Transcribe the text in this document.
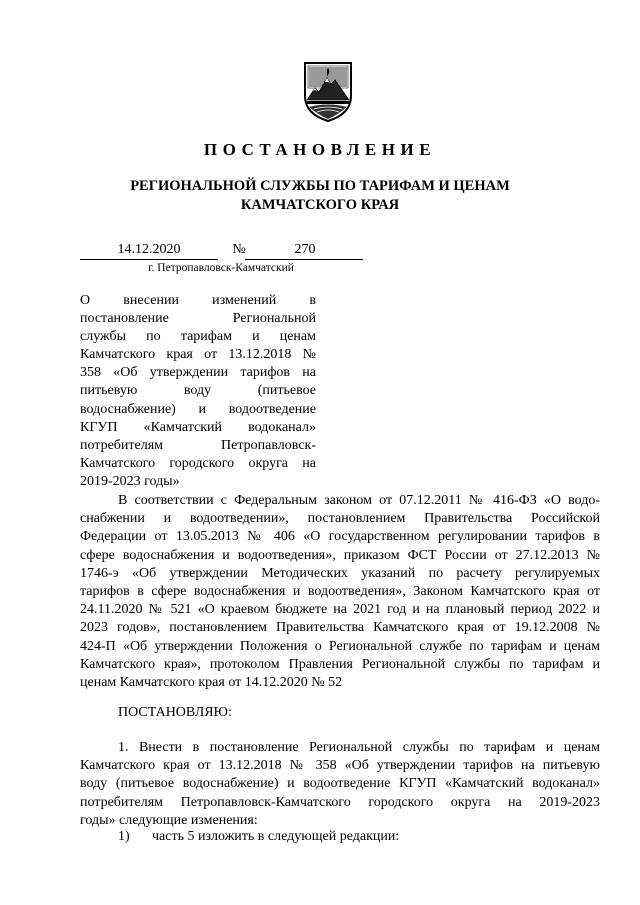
ПОСТАНОВЛЕНИЕ
РЕГИОНАЛЬНОЙ СЛУЖБЫ ПО ТАРИФАМ И ЦЕНАМ
КАМЧАТСКОГО КРАЯ
14.12.2020	№	270
г. Петропавловск-Камчатский
О внесении изменений в
постановление Региональной
службы по тарифам и ценам
Камчатского края от 13.12.2018 №
358 «Об утверждении тарифов на
питьевую воду (питьевое
водоснабжение) и водоотведение
КГУП «Камчатский водоканал»
потребителям Петропавловск-
Камчатского городского округа на
2019-2023 годы»
В соответствии с Федеральным законом от 07.12.2011 № 416-ФЗ «О водо-
снабжении и водоотведении», постановлением Правительства Российской
Федерации от 13.05.2013 № 406 «О государственном регулировании тарифов в
сфере водоснабжения и водоотведения», приказом ФСТ России от 27.12.2013 №
1746-э «Об утверждении Методических указаний по расчету регулируемых
тарифов в сфере водоснабжения и водоотведения», Законом Камчатского края от
24.11.2020 № 521 «О краевом бюджете на 2021 год и на плановый период 2022 и
2023 годов», постановлением Правительства Камчатского края от 19.12.2008 №
424-П «Об утверждении Положения о Региональной службе по тарифам и ценам
Камчатского края», протоколом Правления Региональной службы по тарифам и
ценам Камчатского края от 14.12.2020 № 52
ПОСТАНОВЛЯЮ:
1. Внести в постановление Региональной службы по тарифам и ценам
Камчатского края от 13.12.2018 № 358 «Об утверждении тарифов на питьевую
воду (питьевое водоснабжение) и водоотведение КГУП «Камчатский водоканал»
потребителям Петропавловск-Камчатского городского округа на 2019-2023
годы» следующие изменения:
1) часть 5 изложить в следующей редакции:
